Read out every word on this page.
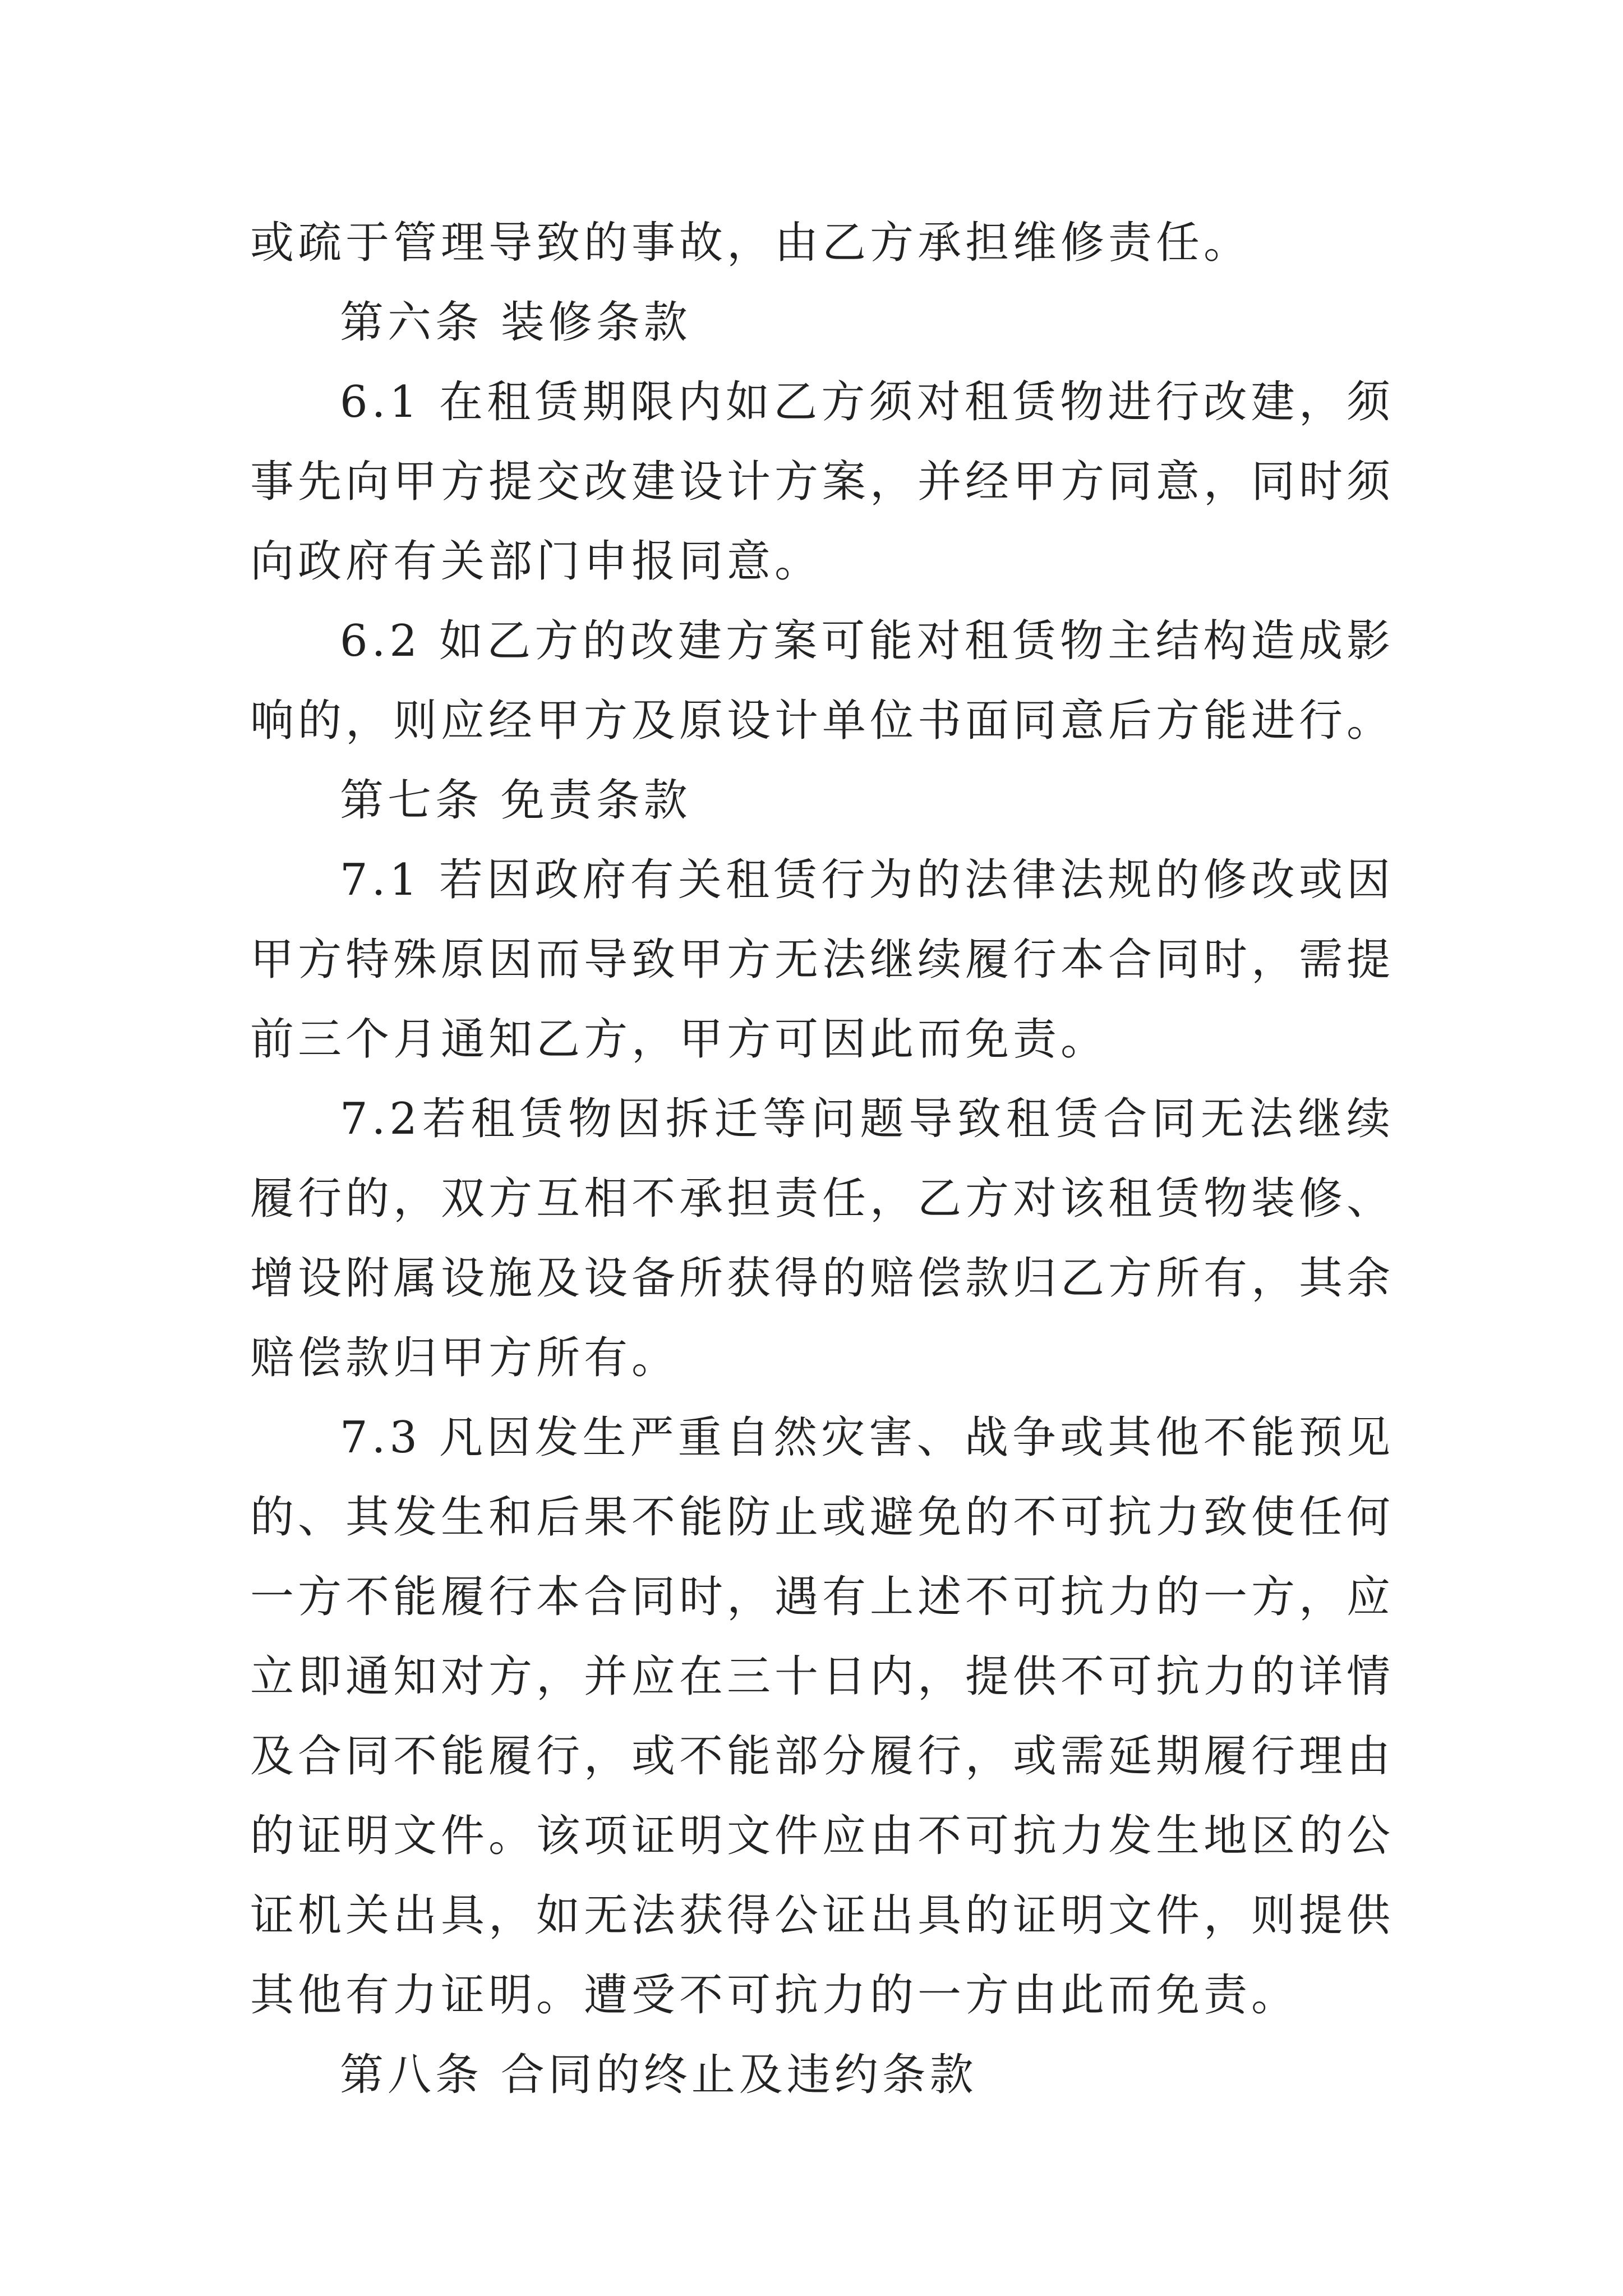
或疏于管理导致的事故，由乙方承担维修责任。

第六条 装修条款

6.1 在租赁期限内如乙方须对租赁物进行改建，须事先向甲方提交改建设计方案，并经甲方同意，同时须向政府有关部门申报同意。

6.2 如乙方的改建方案可能对租赁物主结构造成影响的，则应经甲方及原设计单位书面同意后方能进行。

第七条 免责条款

7.1 若因政府有关租赁行为的法律法规的修改或因甲方特殊原因而导致甲方无法继续履行本合同时，需提前三个月通知乙方，甲方可因此而免责。

7.2若租赁物因拆迁等问题导致租赁合同无法继续履行的，双方互相不承担责任，乙方对该租赁物装修、增设附属设施及设备所获得的赔偿款归乙方所有，其余赔偿款归甲方所有。

7.3 凡因发生严重自然灾害、战争或其他不能预见的、其发生和后果不能防止或避免的不可抗力致使任何一方不能履行本合同时，遇有上述不可抗力的一方，应立即通知对方，并应在三十日内，提供不可抗力的详情及合同不能履行，或不能部分履行，或需延期履行理由的证明文件。该项证明文件应由不可抗力发生地区的公证机关出具，如无法获得公证出具的证明文件，则提供其他有力证明。遭受不可抗力的一方由此而免责。

第八条 合同的终止及违约条款
